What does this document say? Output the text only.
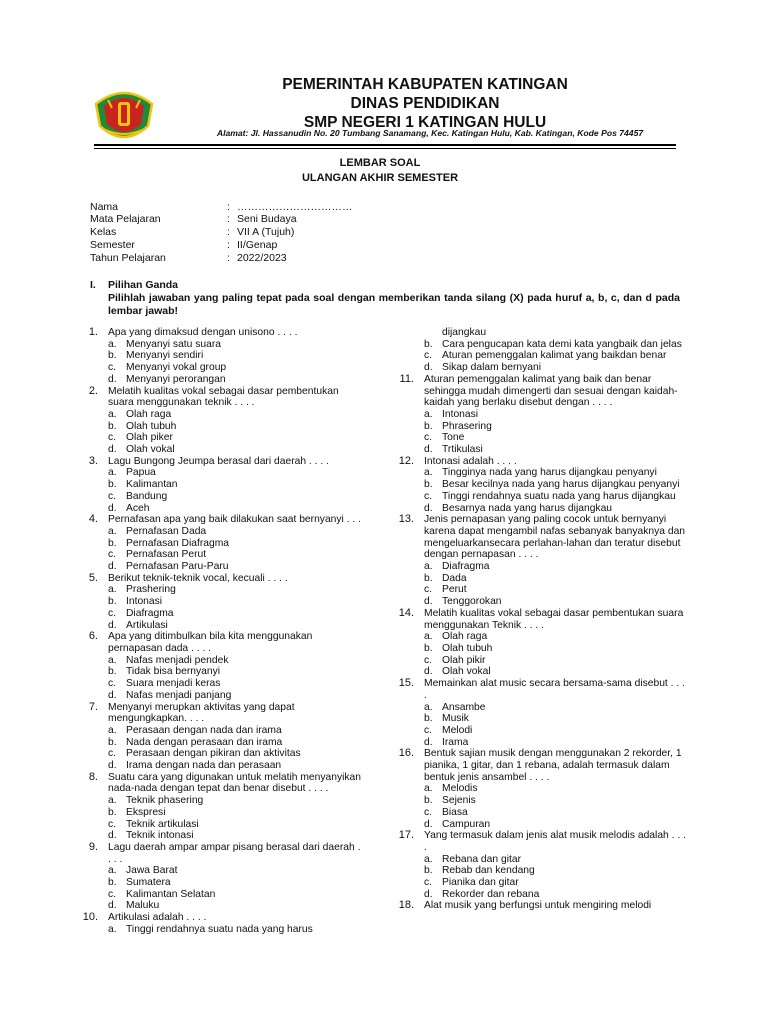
PEMERINTAH KABUPATEN KATINGAN
DINAS PENDIDIKAN
SMP NEGERI 1 KATINGAN HULU
Alamat: Jl. Hassanudin No. 20 Tumbang Sanamang, Kec. Katingan Hulu, Kab. Katingan, Kode Pos 74457
LEMBAR SOAL
ULANGAN AKHIR SEMESTER
Nama	: ……………………………
Mata Pelajaran	: Seni Budaya
Kelas	: VII A (Tujuh)
Semester	: II/Genap
Tahun Pelajaran	: 2022/2023
I. Pilihan Ganda
Pilihlah jawaban yang paling tepat pada soal dengan memberikan tanda silang (X) pada huruf a, b, c, dan d pada lembar jawab!
1. Apa yang dimaksud dengan unisono . . . .
a. Menyanyi satu suara
b. Menyanyi sendiri
c. Menyanyi vokal group
d. Menyanyi perorangan
2. Melatih kualitas vokal sebagai dasar pembentukan suara menggunakan teknik . . . .
a. Olah raga
b. Olah tubuh
c. Olah piker
d. Olah vokal
3. Lagu Bungong Jeumpa berasal dari daerah . . . .
a. Papua
b. Kalimantan
c. Bandung
d. Aceh
4. Pernafasan apa yang baik dilakukan saat bernyanyi . . .
a. Pernafasan Dada
b. Pernafasan Diafragma
c. Pernafasan Perut
d. Pernafasan Paru-Paru
5. Berikut teknik-teknik vocal, kecuali . . . .
a. Prashering
b. Intonasi
c. Diafragma
d. Artikulasi
6. Apa yang ditimbulkan bila kita menggunakan pernapasan dada . . . .
a. Nafas menjadi pendek
b. Tidak bisa bernyanyi
c. Suara menjadi keras
d. Nafas menjadi panjang
7. Menyanyi merupkan aktivitas yang dapat mengungkapkan. . . .
a. Perasaan dengan nada dan irama
b. Nada dengan perasaan dan irama
c. Perasaan dengan pikiran dan aktivitas
d. Irama dengan nada dan perasaan
8. Suatu cara yang digunakan untuk melatih menyanyikan nada-nada dengan tepat dan benar disebut . . . .
a. Teknik phasering
b. Ekspresi
c. Teknik artikulasi
d. Teknik intonasi
9. Lagu daerah ampar ampar pisang berasal dari daerah . . . .
a. Jawa Barat
b. Sumatera
c. Kalimantan Selatan
d. Maluku
10. Artikulasi adalah . . . .
a. Tinggi rendahnya suatu nada yang harus
dijangkau
b. Cara pengucapan kata demi kata yangbaik dan jelas
c. Aturan pemenggalan kalimat yang baikdan benar
d. Sikap dalam bernyani
11. Aturan pemenggalan kalimat yang baik dan benar sehingga mudah dimengerti dan sesuai dengan kaidah-kaidah yang berlaku disebut dengan . . . .
a. Intonasi
b. Phrasering
c. Tone
d. Trtikulasi
12. Intonasi adalah . . . .
a. Tingginya nada yang harus dijangkau penyanyi
b. Besar kecilnya nada yang harus dijangkau penyanyi
c. Tinggi rendahnya suatu nada yang harus dijangkau
d. Besarnya nada yang harus dijangkau
13. Jenis pernapasan yang paling cocok untuk bernyanyi karena dapat mengambil nafas sebanyak banyaknya dan mengeluarkansecara perlahan-lahan dan teratur disebut dengan pernapasan . . . .
a. Diafragma
b. Dada
c. Perut
d. Tenggorokan
14. Melatih kualitas vokal sebagai dasar pembentukan suara menggunakan Teknik . . . .
a. Olah raga
b. Olah tubuh
c. Olah pikir
d. Olah vokal
15. Memainkan alat music secara bersama-sama disebut . . . .
a. Ansambe
b. Musik
c. Melodi
d. Irama
16. Bentuk sajian musik dengan menggunakan 2 rekorder, 1 pianika, 1 gitar, dan 1 rebana, adalah termasuk dalam bentuk jenis ansambel . . . .
a. Melodis
b. Sejenis
c. Biasa
d. Campuran
17. Yang termasuk dalam jenis alat musik melodis adalah . . . .
a. Rebana dan gitar
b. Rebab dan kendang
c. Pianika dan gitar
d. Rekorder dan rebana
18. Alat musik yang berfungsi untuk mengiring melodi
